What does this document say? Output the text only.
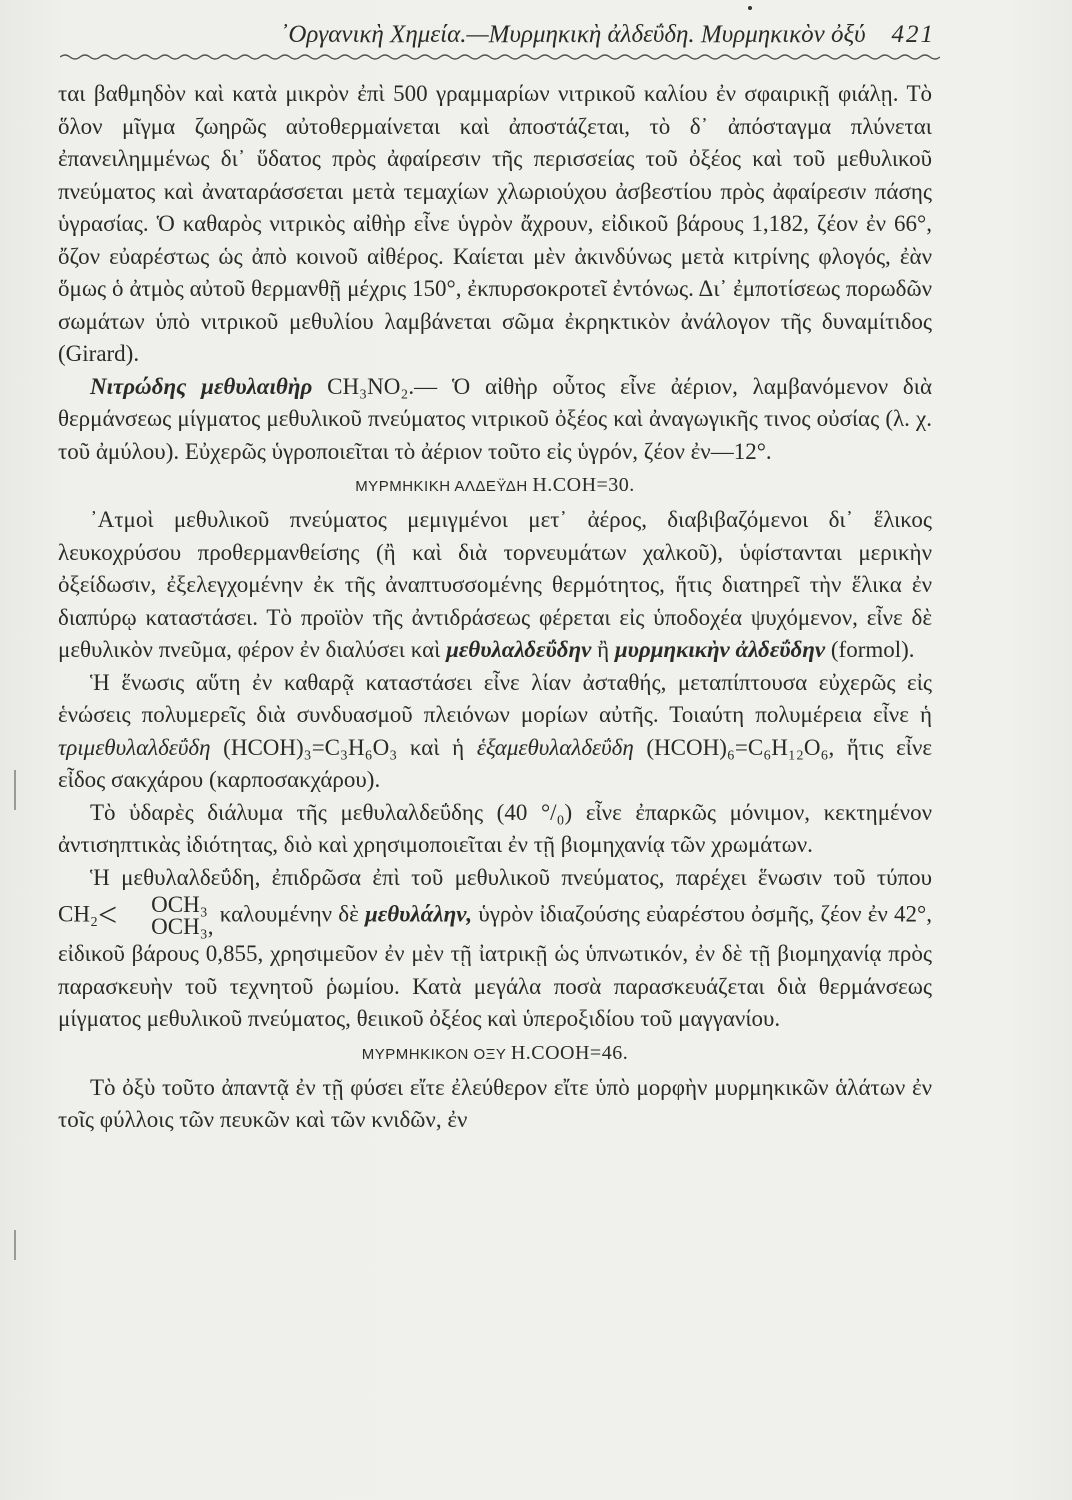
᾿Οργανικὴ Χημεία.—Μυρμηκικὴ ἀλδεΰδη. Μυρμηκικὸν ὀξύ 421

ται βαθμηδὸν καὶ κατὰ μικρὸν ἐπὶ 500 γραμμαρίων νιτρικοῦ καλίου ἐν σφαιρικῇ φιάλῃ. Τὸ ὅλον μῖγμα ζωηρῶς αὐτοθερμαίνεται καὶ ἀποστάζεται, τὸ δ᾿ ἀπόσταγμα πλύνεται ἐπανειλημμένως δι᾿ ὕδατος πρὸς ἀφαίρεσιν τῆς περισσείας τοῦ ὀξέος καὶ τοῦ μεθυλικοῦ πνεύματος καὶ ἀναταράσσεται μετὰ τεμαχίων χλωριούχου ἀσβεστίου πρὸς ἀφαίρεσιν πάσης ὑγρασίας. Ὁ καθαρὸς νιτρικὸς αἰθὴρ εἶνε ὑγρὸν ἄχρουν, εἰδικοῦ βάρους 1,182, ζέον ἐν 66°, ὄζον εὐαρέστως ὡς ἀπὸ κοινοῦ αἰθέρος. Καίεται μὲν ἀκινδύνως μετὰ κιτρίνης φλογός, ἐὰν ὅμως ὁ ἀτμὸς αὐτοῦ θερμανθῇ μέχρις 150°, ἐκπυρσοκροτεῖ ἐντόνως. Δι᾿ ἐμποτίσεως πορωδῶν σωμάτων ὑπὸ νιτρικοῦ μεθυλίου λαμβάνεται σῶμα ἐκρηκτικὸν ἀνάλογον τῆς δυναμίτιδος (Girard).

Νιτρώδης μεθυλαιθὴρ CH₃NO₂.— Ὁ αἰθὴρ οὗτος εἶνε ἀέριον, λαμβανόμενον διὰ θερμάνσεως μίγματος μεθυλικοῦ πνεύματος νιτρικοῦ ὀξέος καὶ ἀναγωγικῆς τινος οὐσίας (λ. χ. τοῦ ἀμύλου). Εὐχερῶς ὑγροποιεῖται τὸ ἀέριον τοῦτο εἰς ὑγρόν, ζέον ἐν—12°.

ΜΥΡΜΗΚΙΚΗ ΑΛΔΕΫΔΗ H.COH=30.

᾿Ατμοὶ μεθυλικοῦ πνεύματος μεμιγμένοι μετ᾿ ἀέρος, διαβιβαζόμενοι δι᾿ ἕλικος λευκοχρύσου προθερμανθείσης (ἢ καὶ διὰ τορνευμάτων χαλκοῦ), ὑφίστανται μερικὴν ὀξείδωσιν, ἐξελεγχομένην ἐκ τῆς ἀναπτυσσομένης θερμότητος, ἥτις διατηρεῖ τὴν ἕλικα ἐν διαπύρῳ καταστάσει. Τὸ προϊὸν τῆς ἀντιδράσεως φέρεται εἰς ὑποδοχέα ψυχόμενον, εἶνε δὲ μεθυλικὸν πνεῦμα, φέρον ἐν διαλύσει καὶ μεθυλαλδεΰδην ἢ μυρμηκικὴν ἀλδεΰδην (formol).

Ἡ ἕνωσις αὕτη ἐν καθαρᾷ καταστάσει εἶνε λίαν ἀσταθής, μεταπίπτουσα εὐχερῶς εἰς ἑνώσεις πολυμερεῖς διὰ συνδυασμοῦ πλειόνων μορίων αὐτῆς. Τοιαύτη πολυμέρεια εἶνε ἡ τριμεθυλαλδεΰδη (HCOH)₃=C₃H₆O₃ καὶ ἡ ἑξαμεθυλαλδεΰδη (HCOH)₆=C₆H₁₂O₆, ἥτις εἶνε εἶδος σακχάρου (καρποσακχάρου).

Τὸ ὑδαρὲς διάλυμα τῆς μεθυλαλδεΰδης (40 °/₀) εἶνε ἐπαρκῶς μόνιμον, κεκτημένον ἀντισηπτικὰς ἰδιότητας, διὸ καὶ χρησιμοποιεῖται ἐν τῇ βιομηχανίᾳ τῶν χρωμάτων.

Ἡ μεθυλαλδεΰδη, ἐπιδρῶσα ἐπὶ τοῦ μεθυλικοῦ πνεύματος, παρέχει ἕνωσιν τοῦ τύπου CH₂<	OCH₃
OCH₃,
καλουμένην δὲ μεθυλάλην, ὑγρὸν ἰδιαζούσης εὐαρέστου ὀσμῆς, ζέον ἐν 42°, εἰδικοῦ βάρους 0,855, χρησιμεῦον ἐν μὲν τῇ ἰατρικῇ ὡς ὑπνωτικόν, ἐν δὲ τῇ βιομηχανίᾳ πρὸς παρασκευὴν τοῦ τεχνητοῦ ῥωμίου. Κατὰ μεγάλα ποσὰ παρασκευάζεται διὰ θερμάνσεως μίγματος μεθυλικοῦ πνεύματος, θειικοῦ ὀξέος καὶ ὑπεροξιδίου τοῦ μαγγανίου.

ΜΥΡΜΗΚΙΚΟΝ ΟΞΥ H.COOH=46.

Τὸ ὀξὺ τοῦτο ἀπαντᾷ ἐν τῇ φύσει εἴτε ἐλεύθερον εἴτε ὑπὸ μορφὴν μυρμηκικῶν ἁλάτων ἐν τοῖς φύλλοις τῶν πευκῶν καὶ τῶν κνιδῶν, ἐν
